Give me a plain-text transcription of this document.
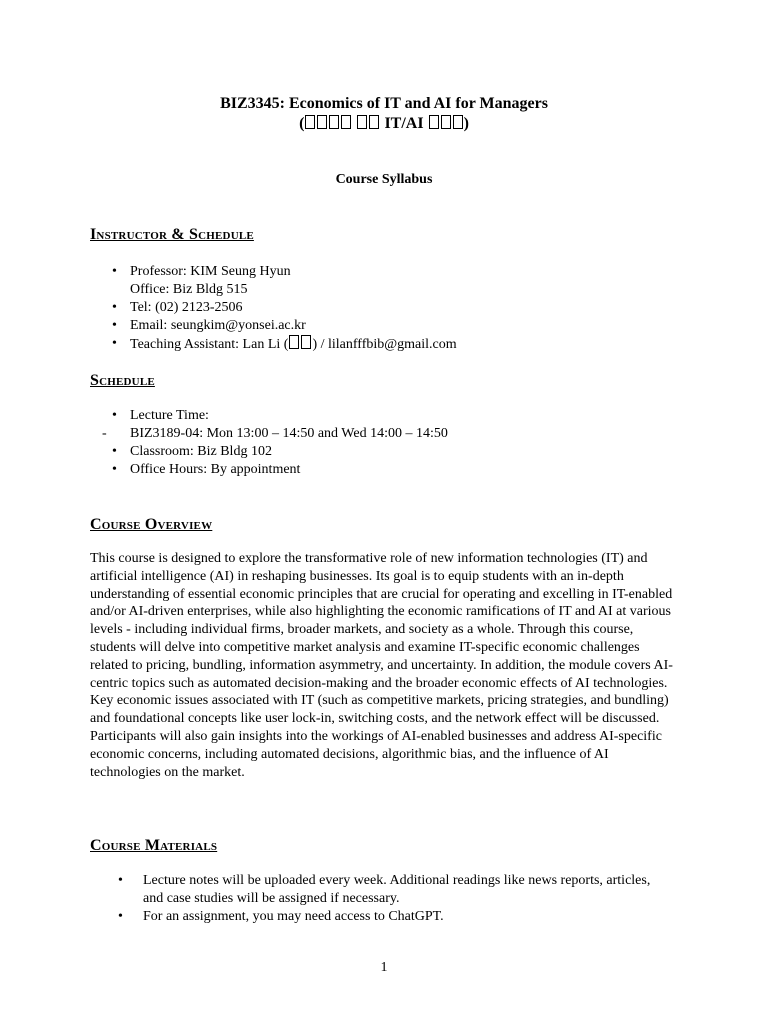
BIZ3345: Economics of IT and AI for Managers
(	IT/AI )
Course Syllabus
Instructor & Schedule
• Professor: KIM Seung Hyun
Office: Biz Bldg 515
• Tel: (02) 2123-2506
• Email: seungkim@yonsei.ac.kr
• Teaching Assistant: Lan Li ( ) / lilanfffbib@gmail.com
Schedule
• Lecture Time:
- BIZ3189-04: Mon 13:00 – 14:50 and Wed 14:00 – 14:50
• Classroom: Biz Bldg 102
• Office Hours: By appointment
Course Overview
This course is designed to explore the transformative role of new information technologies (IT) and artificial intelligence (AI) in reshaping businesses. Its goal is to equip students with an in-depth understanding of essential economic principles that are crucial for operating and excelling in IT-enabled and/or AI-driven enterprises, while also highlighting the economic ramifications of IT and AI at various levels - including individual firms, broader markets, and society as a whole. Through this course, students will delve into competitive market analysis and examine IT-specific economic challenges related to pricing, bundling, information asymmetry, and uncertainty. In addition, the module covers AI-centric topics such as automated decision-making and the broader economic effects of AI technologies. Key economic issues associated with IT (such as competitive markets, pricing strategies, and bundling) and foundational concepts like user lock-in, switching costs, and the network effect will be discussed. Participants will also gain insights into the workings of AI-enabled businesses and address AI-specific economic concerns, including automated decisions, algorithmic bias, and the influence of AI technologies on the market.
Course Materials
• Lecture notes will be uploaded every week. Additional readings like news reports, articles, and case studies will be assigned if necessary.
• For an assignment, you may need access to ChatGPT.
1
